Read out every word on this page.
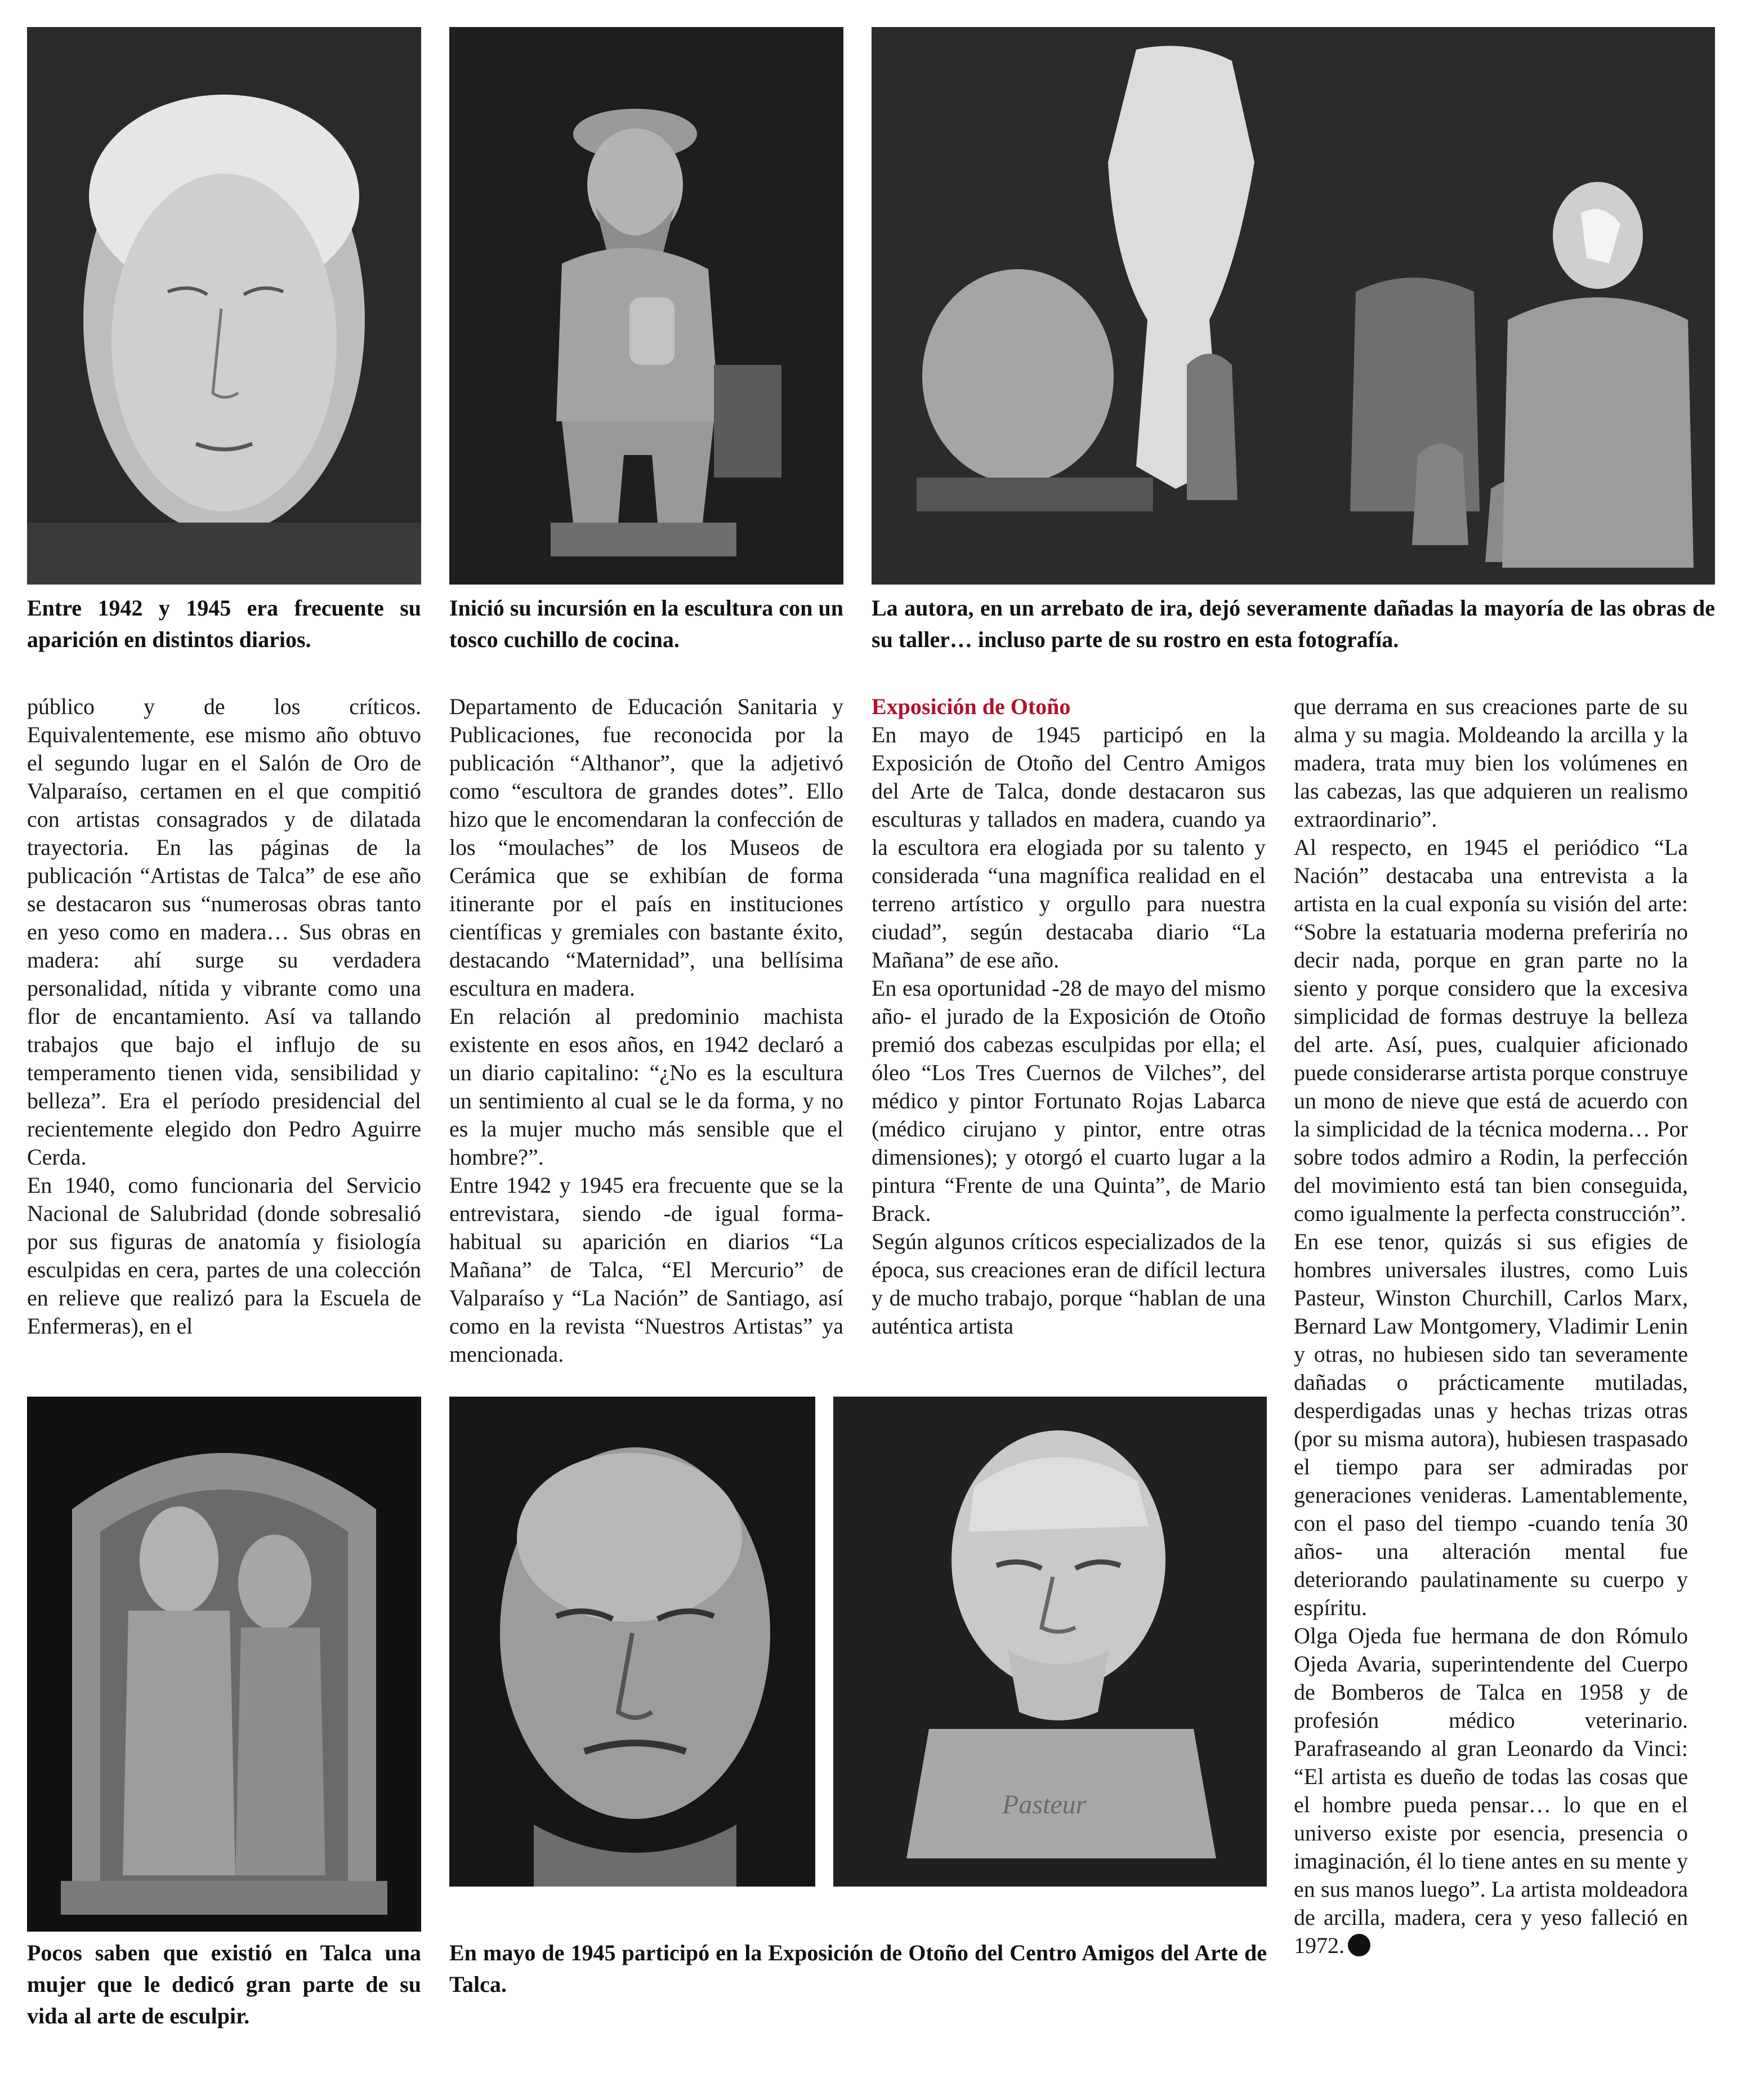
Entre 1942 y 1945 era frecuente su aparición en distintos diarios.
Inició su incursión en la escultura con un tosco cuchillo de cocina.
La autora, en un arrebato de ira, dejó severamente dañadas la mayoría de las obras de su taller… incluso parte de su rostro en esta fotografía.

público y de los críticos. Equivalentemente, ese mismo año obtuvo el segundo lugar en el Salón de Oro de Valparaíso, certamen en el que compitió con artistas consagrados y de dilatada trayectoria. En las páginas de la publicación “Artistas de Talca” de ese año se destacaron sus “numerosas obras tanto en yeso como en madera… Sus obras en madera: ahí surge su verdadera personalidad, nítida y vibrante como una flor de encantamiento. Así va tallando trabajos que bajo el influjo de su temperamento tienen vida, sensibilidad y belleza”. Era el período presidencial del recientemente elegido don Pedro Aguirre Cerda.

En 1940, como funcionaria del Servicio Nacional de Salubridad (donde sobresalió por sus figuras de anatomía y fisiología esculpidas en cera, partes de una colección en relieve que realizó para la Escuela de Enfermeras), en el

Departamento de Educación Sanitaria y Publicaciones, fue reconocida por la publicación “Althanor”, que la adjetivó como “escultora de grandes dotes”. Ello hizo que le encomendaran la confección de los “moulaches” de los Museos de Cerámica que se exhibían de forma itinerante por el país en instituciones científicas y gremiales con bastante éxito, destacando “Maternidad”, una bellísima escultura en madera.

En relación al predominio machista existente en esos años, en 1942 declaró a un diario capitalino: “¿No es la escultura un sentimiento al cual se le da forma, y no es la mujer mucho más sensible que el hombre?”.

Entre 1942 y 1945 era frecuente que se la entrevistara, siendo -de igual forma- habitual su aparición en diarios “La Mañana” de Talca, “El Mercurio” de Valparaíso y “La Nación” de Santiago, así como en la revista “Nuestros Artistas” ya mencionada.

Exposición de Otoño

En mayo de 1945 participó en la Exposición de Otoño del Centro Amigos del Arte de Talca, donde destacaron sus esculturas y tallados en madera, cuando ya la escultora era elogiada por su talento y considerada “una magnífica realidad en el terreno artístico y orgullo para nuestra ciudad”, según destacaba diario “La Mañana” de ese año.

En esa oportunidad -28 de mayo del mismo año- el jurado de la Exposición de Otoño premió dos cabezas esculpidas por ella; el óleo “Los Tres Cuernos de Vilches”, del médico y pintor Fortunato Rojas Labarca (médico cirujano y pintor, entre otras dimensiones); y otorgó el cuarto lugar a la pintura “Frente de una Quinta”, de Mario Brack.

Según algunos críticos especializados de la época, sus creaciones eran de difícil lectura y de mucho trabajo, porque “hablan de una auténtica artista

que derrama en sus creaciones parte de su alma y su magia. Moldeando la arcilla y la madera, trata muy bien los volúmenes en las cabezas, las que adquieren un realismo extraordinario”.

Al respecto, en 1945 el periódico “La Nación” destacaba una entrevista a la artista en la cual exponía su visión del arte: “Sobre la estatuaria moderna preferiría no decir nada, porque en gran parte no la siento y porque considero que la excesiva simplicidad de formas destruye la belleza del arte. Así, pues, cualquier aficionado puede considerarse artista porque construye un mono de nieve que está de acuerdo con la simplicidad de la técnica moderna… Por sobre todos admiro a Rodin, la perfección del movimiento está tan bien conseguida, como igualmente la perfecta construcción”.

En ese tenor, quizás si sus efigies de hombres universales ilustres, como Luis Pasteur, Winston Churchill, Carlos Marx, Bernard Law Montgomery, Vladimir Lenin y otras, no hubiesen sido tan severamente dañadas o prácticamente mutiladas, desperdigadas unas y hechas trizas otras (por su misma autora), hubiesen traspasado el tiempo para ser admiradas por generaciones venideras. Lamentablemente, con el paso del tiempo -cuando tenía 30 años- una alteración mental fue deteriorando paulatinamente su cuerpo y espíritu.

Olga Ojeda fue hermana de don Rómulo Ojeda Avaria, superintendente del Cuerpo de Bomberos de Talca en 1958 y de profesión médico veterinario. Parafraseando al gran Leonardo da Vinci: “El artista es dueño de todas las cosas que el hombre pueda pensar… lo que en el universo existe por esencia, presencia o imaginación, él lo tiene antes en su mente y en sus manos luego”. La artista moldeadora de arcilla, madera, cera y yeso falleció en 1972.

Pasteur
Pocos saben que existió en Talca una mujer que le dedicó gran parte de su vida al arte de esculpir.
En mayo de 1945 participó en la Exposición de Otoño del Centro Amigos del Arte de Talca.
